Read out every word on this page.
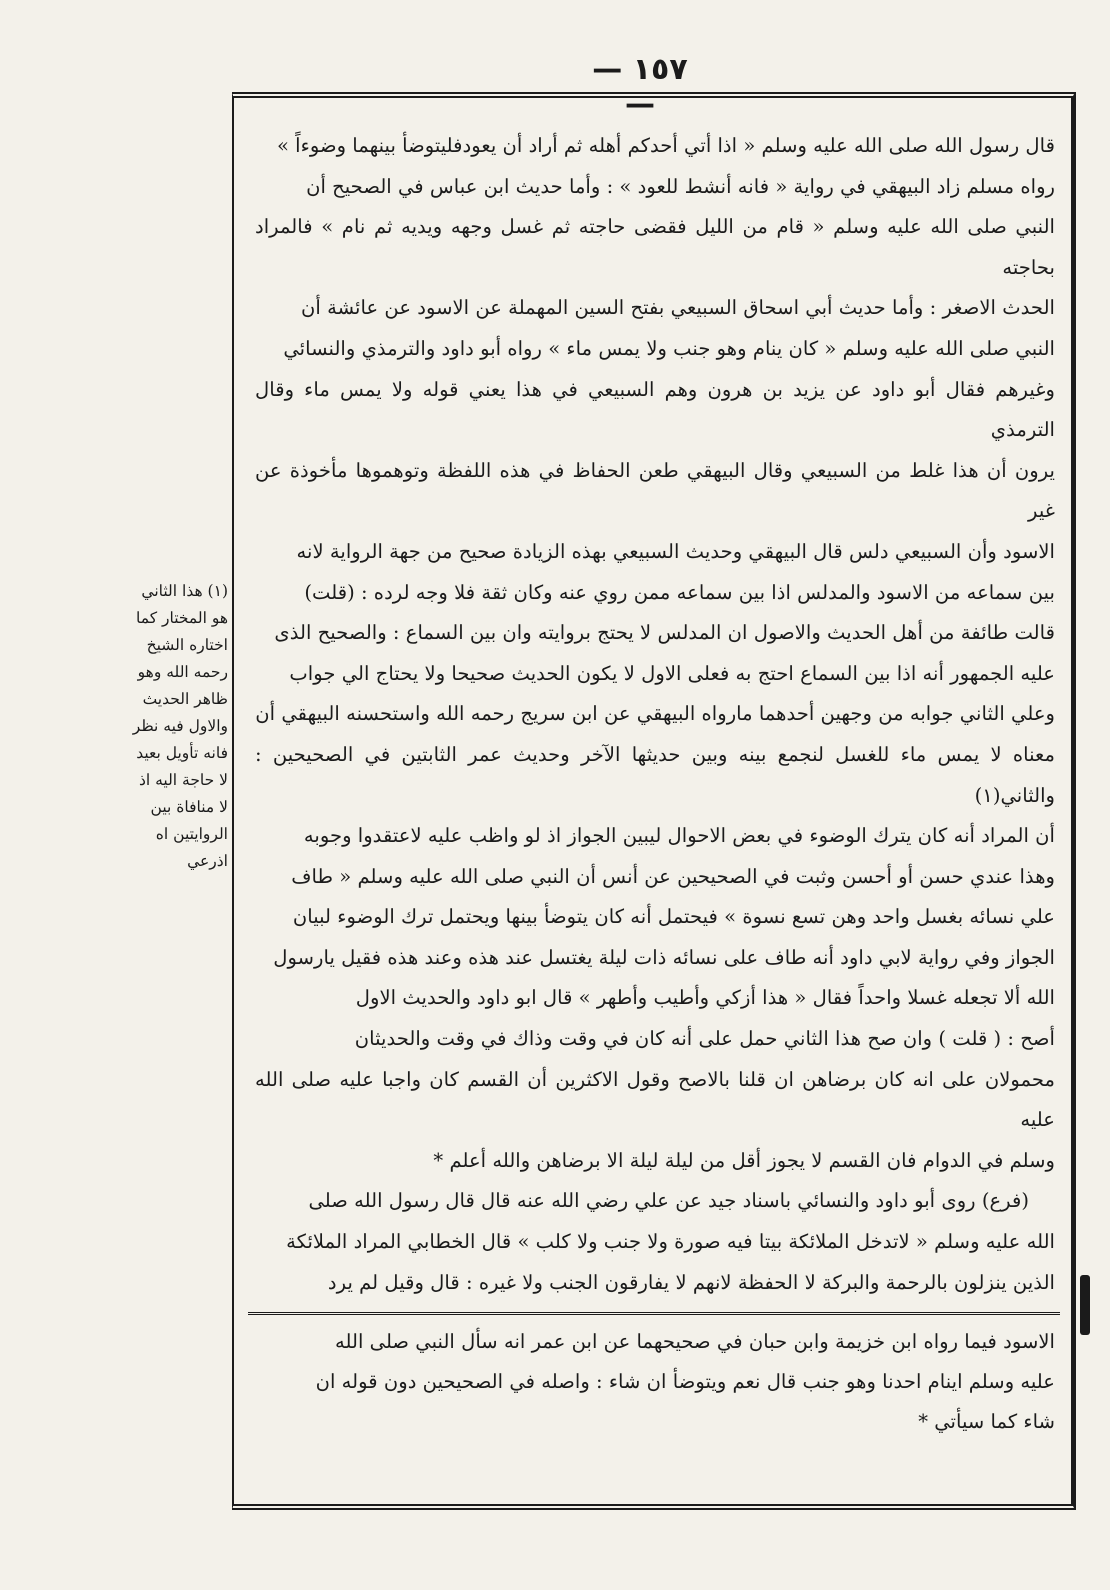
— ١٥٧ —

قال رسول الله صلى الله عليه وسلم « اذا أتي أحدكم أهله ثم أراد أن يعودفليتوضأ بينهما وضوءاً »

رواه مسلم زاد البيهقي في رواية « فانه أنشط للعود » : وأما حديث ابن عباس في الصحيح أن

النبي صلى الله عليه وسلم « قام من الليل فقضى حاجته ثم غسل وجهه ويديه ثم نام » فالمراد بحاجته

الحدث الاصغر : وأما حديث أبي اسحاق السبيعي بفتح السين المهملة عن الاسود عن عائشة أن

النبي صلى الله عليه وسلم « كان ينام وهو جنب ولا يمس ماء » رواه أبو داود والترمذي والنسائي

وغيرهم فقال أبو داود عن يزيد بن هرون وهم السبيعي في هذا يعني قوله ولا يمس ماء وقال الترمذي

يرون أن هذا غلط من السبيعي وقال البيهقي طعن الحفاظ في هذه اللفظة وتوهموها مأخوذة عن غير

الاسود وأن السبيعي دلس قال البيهقي وحديث السبيعي بهذه الزيادة صحيح من جهة الرواية لانه

بين سماعه من الاسود والمدلس اذا بين سماعه ممن روي عنه وكان ثقة فلا وجه لرده : (قلت)

قالت طائفة من أهل الحديث والاصول ان المدلس لا يحتج بروايته وان بين السماع : والصحيح الذى

عليه الجمهور أنه اذا بين السماع احتج به فعلى الاول لا يكون الحديث صحيحا ولا يحتاج الي جواب

وعلي الثاني جوابه من وجهين أحدهما مارواه البيهقي عن ابن سريج رحمه الله واستحسنه البيهقي أن

معناه لا يمس ماء للغسل لنجمع بينه وبين حديثها الآخر وحديث عمر الثابتين في الصحيحين : والثاني(١)

أن المراد أنه كان يترك الوضوء في بعض الاحوال ليبين الجواز اذ لو واظب عليه لاعتقدوا وجوبه

وهذا عندي حسن أو أحسن وثبت في الصحيحين عن أنس أن النبي صلى الله عليه وسلم « طاف

علي نسائه بغسل واحد وهن تسع نسوة » فيحتمل أنه كان يتوضأ بينها ويحتمل ترك الوضوء لبيان

الجواز وفي رواية لابي داود أنه طاف على نسائه ذات ليلة يغتسل عند هذه وعند هذه فقيل يارسول

الله ألا تجعله غسلا واحداً فقال « هذا أزكي وأطيب وأطهر » قال ابو داود والحديث الاول

أصح : ( قلت ) وان صح هذا الثاني حمل على أنه كان في وقت وذاك في وقت والحديثان

محمولان على انه كان برضاهن ان قلنا بالاصح وقول الاكثرين أن القسم كان واجبا عليه صلى الله عليه

وسلم في الدوام فان القسم لا يجوز أقل من ليلة ليلة الا برضاهن والله أعلم *

(فرع) روى أبو داود والنسائي باسناد جيد عن علي رضي الله عنه قال قال رسول الله صلى

الله عليه وسلم « لاتدخل الملائكة بيتا فيه صورة ولا جنب ولا كلب » قال الخطابي المراد الملائكة

الذين ينزلون بالرحمة والبركة لا الحفظة لانهم لا يفارقون الجنب ولا غيره : قال وقيل لم يرد

الاسود فيما رواه ابن خزيمة وابن حبان في صحيحهما عن ابن عمر انه سأل النبي صلى الله

عليه وسلم اينام احدنا وهو جنب قال نعم ويتوضأ ان شاء : واصله في الصحيحين دون قوله ان

شاء كما سيأتي *

(١) هذا الثاني

هو المختار كما

اختاره الشيخ

رحمه الله وهو

ظاهر الحديث

والاول فيه نظر

فانه تأويل بعيد

لا حاجة اليه اذ

لا منافاة بين

الروايتين اه

اذرعي
